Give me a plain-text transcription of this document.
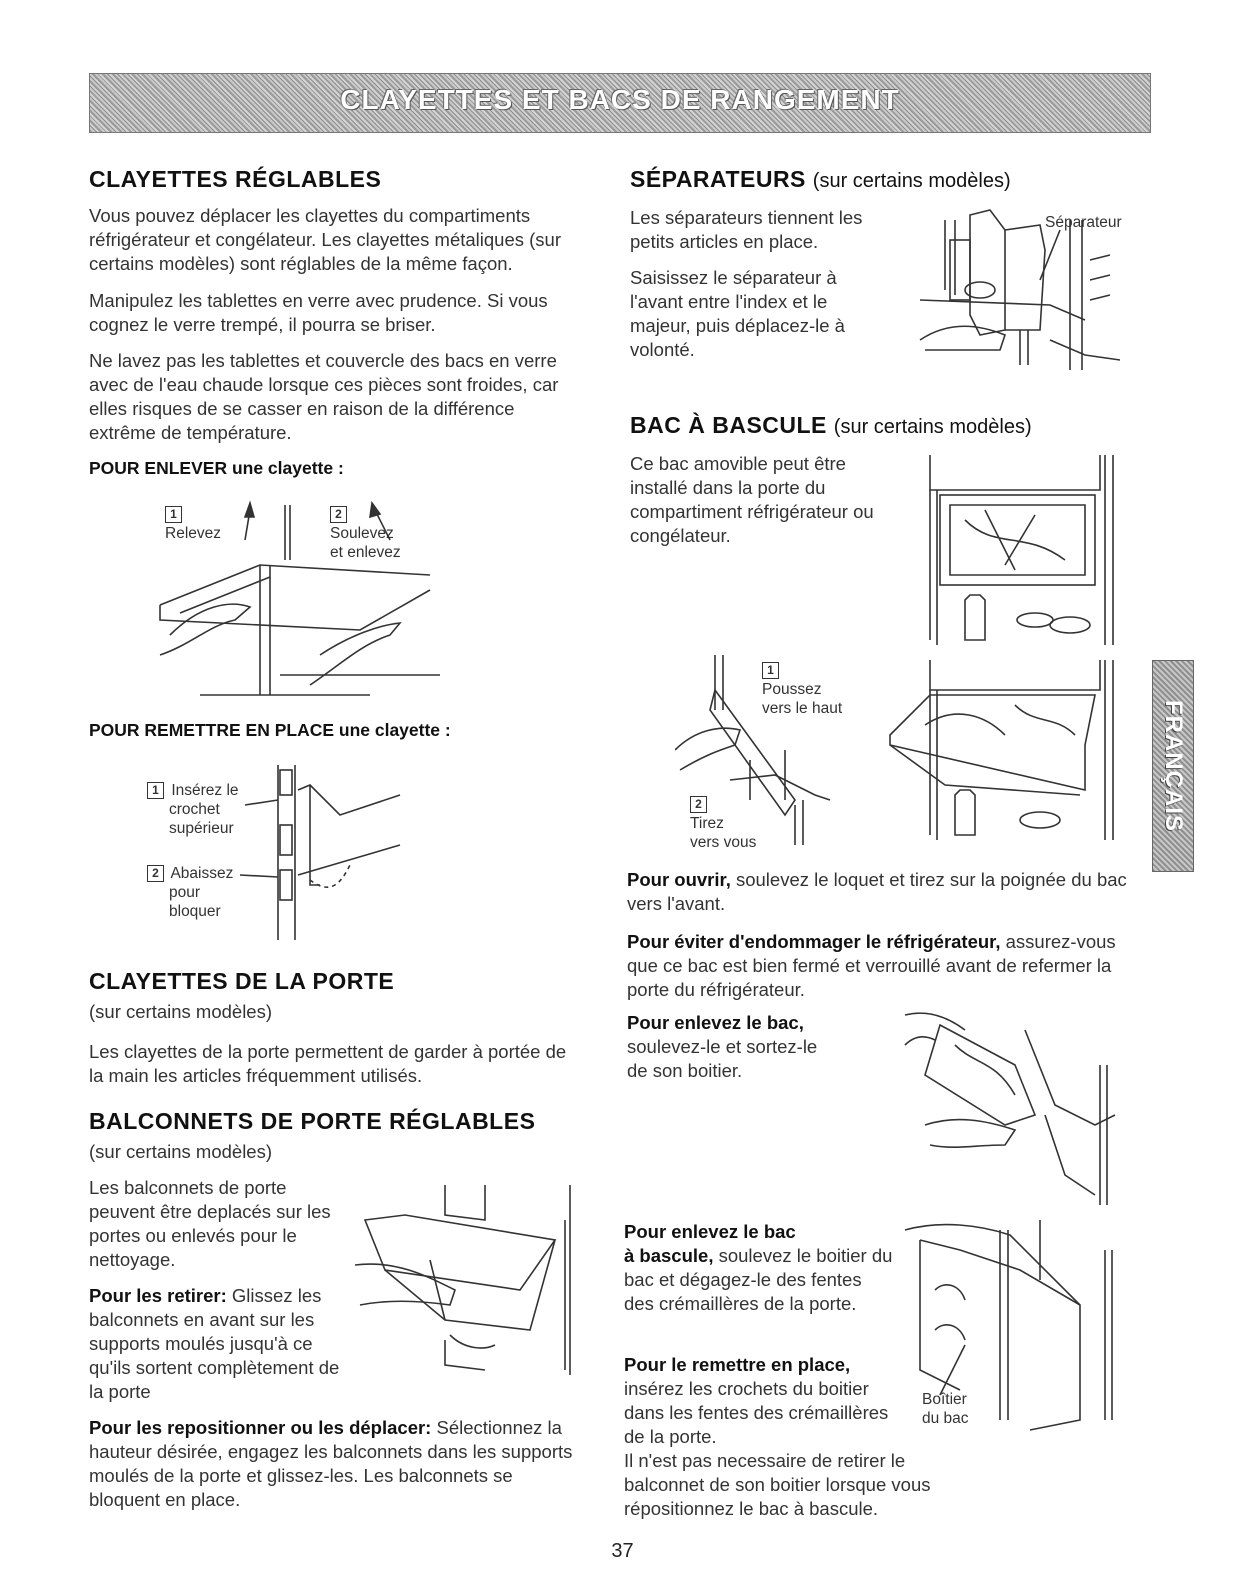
CLAYETTES ET BACS DE RANGEMENT
CLAYETTES RÉGLABLES
Vous pouvez déplacer les clayettes du compartiments réfrigérateur et congélateur. Les clayettes métaliques (sur certains modèles) sont réglables de la même façon.
Manipulez les tablettes en verre avec prudence. Si vous cognez le verre trempé, il pourra se briser.
Ne lavez pas les tablettes et couvercle des bacs en verre avec de l'eau chaude lorsque ces pièces sont froides, car elles risques de se casser en raison de la différence extrême de température.
POUR ENLEVER une clayette :
1
Relevez
2
Soulevez
et enlevez
POUR REMETTRE EN PLACE une clayette :
1 Insérez le
crochet
supérieur
2 Abaissez
pour
bloquer
CLAYETTES DE LA PORTE
(sur certains modèles)
Les clayettes de la porte permettent de garder à portée de la main les articles fréquemment utilisés.
BALCONNETS DE PORTE RÉGLABLES
(sur certains modèles)
Les balconnets de porte peuvent être deplacés sur les portes ou enlevés pour le nettoyage.
Pour les retirer: Glissez les balconnets en avant sur les supports moulés jusqu'à ce qu'ils sortent complètement de la porte
Pour les repositionner ou les déplacer: Sélectionnez la hauteur désirée, engagez les balconnets dans les supports moulés de la porte et glissez-les. Les balconnets se bloquent en place.
SÉPARATEURS (sur certains modèles)
Les séparateurs tiennent les petits articles en place.
Saisissez le séparateur à l'avant entre l'index et le majeur, puis déplacez-le à volonté.
Séparateur
BAC À BASCULE (sur certains modèles)
Ce bac amovible peut être installé dans la porte du compartiment réfrigérateur ou congélateur.
1
Poussez
vers le haut
2
Tirez
vers vous
Pour ouvrir, soulevez le loquet et tirez sur la poignée du bac vers l'avant.
Pour éviter d'endommager le réfrigérateur, assurez-vous que ce bac est bien fermé et verrouillé avant de refermer la porte du réfrigérateur.
Pour enlevez le bac,
soulevez-le et sortez-le
de son boitier.
Pour enlevez le bac
à bascule, soulevez le boitier du bac et dégagez-le des fentes des crémaillères de la porte.
Pour le remettre en place,
insérez les crochets du boitier dans les fentes des crémaillères de la porte.
Il n'est pas necessaire de retirer le balconnet de son boitier lorsque vous répositionnez le bac à bascule.
Boîtier
du bac
FRANÇAIS
37
